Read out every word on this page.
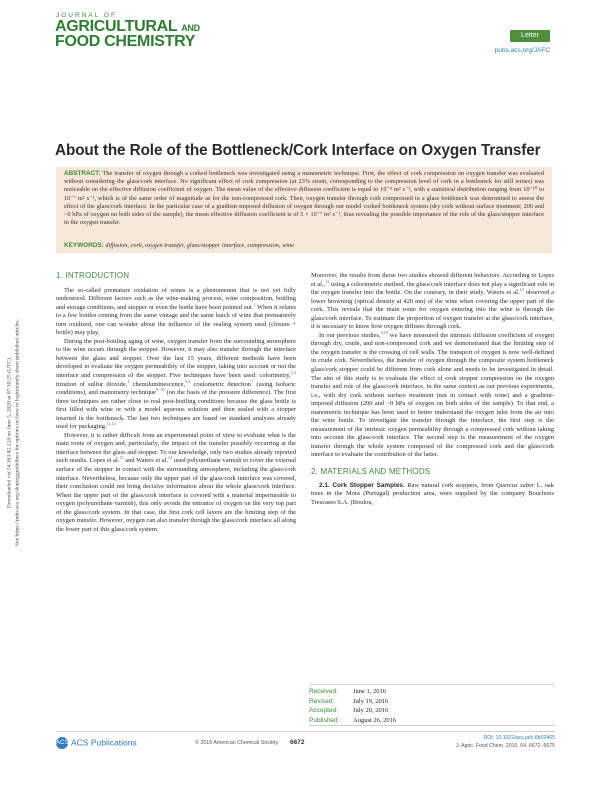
JOURNAL OF
AGRICULTURAL AND
FOOD CHEMISTRY	Letter
pubs.acs.org/JAFC
About the Role of the Bottleneck/Cork Interface on Oxygen Transfer
ABSTRACT: The transfer of oxygen through a corked bottleneck was investigated using a manometric technique. First, the effect of cork compression on oxygen transfer was evaluated without considering the glass/cork interface. No significant effect of cork compression (at 23% strain, corresponding to the compression level of cork in a bottleneck for still wines) was noticeable on the effective diffusion coefficient of oxygen. The mean value of the effective diffusion coefficient is equal to 10⁻⁹ m² s⁻¹, with a statistical distribution ranging from 10⁻¹⁰ to 10⁻⁷ m² s⁻¹, which is of the same order of magnitude as for the non-compressed cork. Then, oxygen transfer through cork compressed in a glass bottleneck was determined to assess the effect of the glass/cork interface. In the particular case of a gradient-imposed diffusion of oxygen through our model corked bottleneck system (dry cork without surface treatment; 200 and ~0 hPa of oxygen on both sides of the sample), the mean effective diffusion coefficient is of 5 × 10⁻⁷ m² s⁻¹, thus revealing the possible importance of the role of the glass/stopper interface in the oxygen transfer.
KEYWORDS: diffusion, cork, oxygen transfer, glass/stopper interface, compression, wine
Downloaded via 54.163.42.124 on June 5, 2020 at 07:10:25 (UTC). See https://pubs.acs.org/sharingguidelines for options on how to legitimately share published articles.
1. INTRODUCTION

The so-called premature oxidation of wines is a phenomenon that is not yet fully understood. Different factors such as the wine-making process, wine composition, bottling and storage conditions, and stopper or even the bottle have been pointed out.$^1$ When it relates to a few bottles coming from the same vintage and the same batch of wine that prematurely turn oxidized, one can wonder about the influence of the sealing system used (closure + bottle) may play.

During the post-bottling aging of wine, oxygen transfer from the surrounding atmosphere to the wine occurs through the stopper. However, it may also transfer through the interface between the glass and stopper. Over the last 15 years, different methods have been developed to evaluate the oxygen permeability of the stopper, taking into account or not the interface and compression of the stopper. Five techniques have been used: colorimetry,$^{2,3}$ titration of sulfur dioxide,$^4$ chemiluminescence,$^{5,6}$ coulometric detection$^7$ (using isobaric conditions), and manometry technique$^{8-10}$ (on the basis of the pressure difference). The first three techniques are rather close to real post-bottling conditions because the glass bottle is first filled with wine or with a model aqueous solution and then sealed with a stopper inserted in the bottleneck. The last two techniques are based on standard analyses already used for packaging.$^{11,12}$

However, it is rather difficult from an experimental point of view to evaluate what is the main route of oxygen and, particularly, the impact of the transfer possibly occurring at the interface between the glass and stopper. To our knowledge, only two studies already reported such results. Lopes et al.$^{13}$ and Waters et al.$^{14}$ used polyurethane varnish to cover the external surface of the stopper in contact with the surrounding atmosphere, including the glass/cork interface. Nevertheless, because only the upper part of the glass/cork interface was covered, their conclusion could not bring decisive information about the whole glass/cork interface. When the upper part of the glass/cork interface is covered with a material impermeable to oxygen (polyurethane varnish), this only avoids the entrance of oxygen on the very top part of the glass/cork system. In that case, the first cork cell layers are the limiting step of the oxygen transfer. However, oxygen can also transfer through the glass/cork interface all along the lower part of this glass/cork system.

Moreover, the results from those two studies showed different behaviors. According to Lopes et al.,$^{13}$ using a colorimetric method, the glass/cork interface does not play a significant role in the oxygen transfer into the bottle. On the contrary, in their study, Waters et al.$^{14}$ observed a lower browning (optical density at 420 nm) of the wine when covering the upper part of the cork. This reveals that the main route for oxygen entering into the wine is through the glass/cork interface. To estimate the proportion of oxygen transfer at the glass/cork interface, it is necessary to know how oxygen diffuses through cork.

In our previous studies,$^{9,10}$ we have measured the intrinsic diffusion coefficient of oxygen through dry, crude, and non-compressed cork and we demonstrated that the limiting step of the oxygen transfer is the crossing of cell walls. The transport of oxygen is now well-defined in crude cork. Nevertheless, the transfer of oxygen through the composite system bottleneck glass/cork stopper could be different from cork alone and needs to be investigated in detail. The aim of this study is to evaluate the effect of cork stopper compression on the oxygen transfer and role of the glass/cork interface, in the same context as our previous experiments, i.e., with dry cork without surface treatment (not in contact with wine) and a gradient-imposed diffusion (200 and ~0 hPa of oxygen on both sides of the sample). To that end, a manometric technique has been used to better understand the oxygen inlet from the air into the wine bottle. To investigate the transfer through the interface, the first step is the measurement of the intrinsic oxygen permeability through a compressed cork without taking into account the glass/cork interface. The second step is the measurement of the oxygen transfer through the whole system composed of the compressed cork and the glass/cork interface to evaluate the contribution of the latter.

2. MATERIALS AND METHODS

2.1. Cork Stopper Samples. Raw natural cork stoppers, from Quercus suber L. oak trees in the Mora (Portugal) production area, were supplied by the company Bouchons Trescases S.A. (Boulou,

Received: June 1, 2016
Revised:	July 19, 2016
Accepted: July 20, 2016
Published: August 26, 2016
ACS ACS Publications	© 2016 American Chemical Society 6672
DOI: 10.1021/acs.jafc.6b02465
J. Agric. Food Chem. 2016, 64, 6672−6675
